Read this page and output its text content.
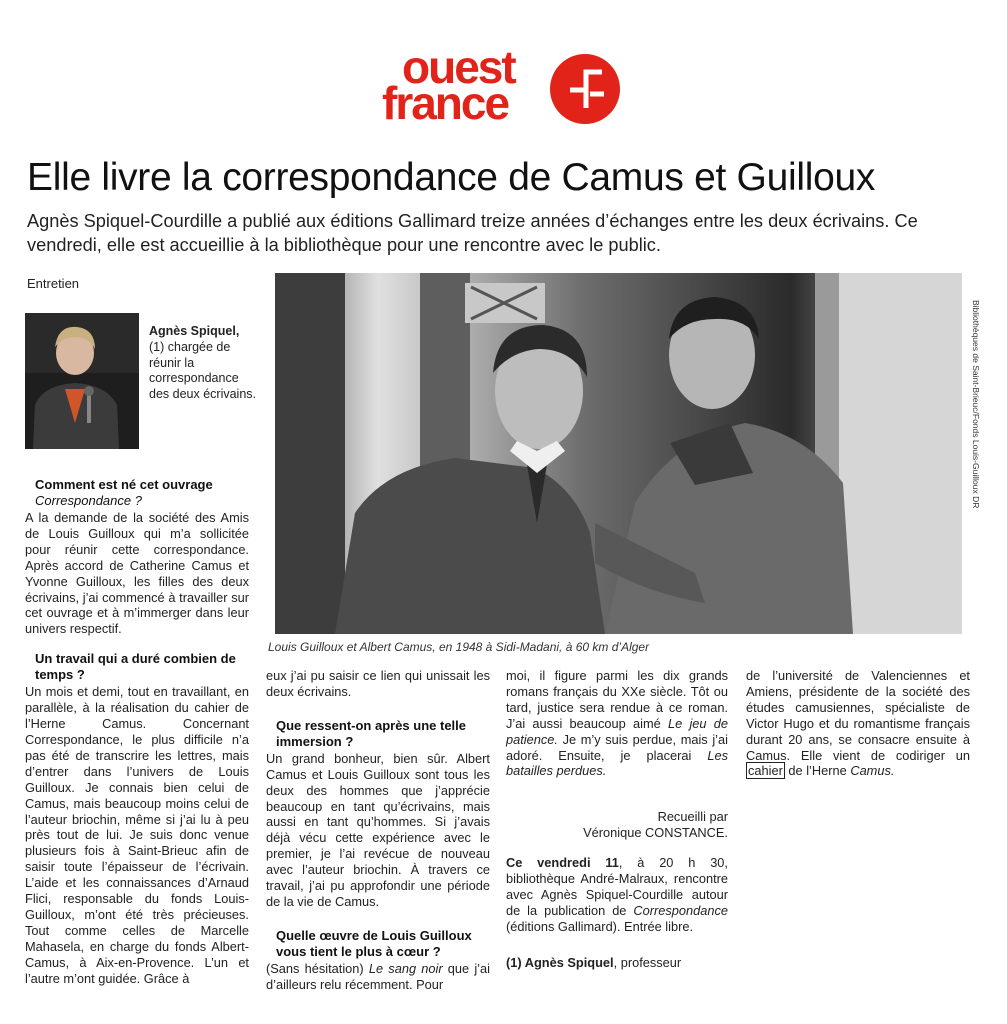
ouest
france
Elle livre la correspondance de Camus et Guilloux

Agnès Spiquel-Courdille a publié aux éditions Gallimard treize années d’échanges entre les deux écrivains. Ce vendredi, elle est accueillie à la bibliothèque pour une rencontre avec le public.

Entretien
Agnès Spiquel,
(1) chargée de réunir la correspondance des deux écrivains.	Bibliothèques de Saint-Brieuc/Fonds Louis-Guilloux DR
Louis Guilloux et Albert Camus, en 1948 à Sidi-Madani, à 60 km d’Alger
Comment est né cet ouvrage
Correspondance ?

A la demande de la société des Amis de Louis Guilloux qui m’a sollicitée pour réunir cette correspondance. Après accord de Catherine Camus et Yvonne Guilloux, les filles des deux écrivains, j’ai commencé à travailler sur cet ouvrage et à m’immerger dans leur univers respectif.

Un travail qui a duré combien de temps ?

Un mois et demi, tout en travaillant, en parallèle, à la réalisation du cahier de l’Herne Camus. Concernant Correspondance, le plus difficile n’a pas été de transcrire les lettres, mais d’entrer dans l’univers de Louis Guilloux. Je connais bien celui de Camus, mais beaucoup moins celui de l’auteur briochin, même si j’ai lu à peu près tout de lui. Je suis donc venue plusieurs fois à Saint-Brieuc afin de saisir toute l’épaisseur de l’écrivain. L’aide et les connaissances d’Arnaud Flici, responsable du fonds Louis-Guilloux, m’ont été très précieuses. Tout comme celles de Marcelle Mahasela, en charge du fonds Albert-Camus, à Aix-en-Provence. L’un et l’autre m’ont guidée. Grâce à

eux j’ai pu saisir ce lien qui unissait les deux écrivains.

Que ressent-on après une telle immersion ?

Un grand bonheur, bien sûr. Albert Camus et Louis Guilloux sont tous les deux des hommes que j’apprécie beaucoup en tant qu’écrivains, mais aussi en tant qu’hommes. Si j’avais déjà vécu cette expérience avec le premier, je l’ai revécue de nouveau avec l’auteur briochin. À travers ce travail, j’ai pu approfondir une période de la vie de Camus.

Quelle œuvre de Louis Guilloux vous tient le plus à cœur ?

(Sans hésitation) Le sang noir que j’ai d’ailleurs relu récemment. Pour

moi, il figure parmi les dix grands romans français du XXe siècle. Tôt ou tard, justice sera rendue à ce roman. J’ai aussi beaucoup aimé Le jeu de patience. Je m’y suis perdue, mais j’ai adoré. Ensuite, je placerai Les batailles perdues.

Recueilli par
Véronique CONSTANCE.

Ce vendredi 11, à 20 h 30, bibliothèque André-Malraux, rencontre avec Agnès Spiquel-Courdille autour de la publication de Correspondance (éditions Gallimard). Entrée libre.

(1) Agnès Spiquel, professeur

de l’université de Valenciennes et Amiens, présidente de la société des études camusiennes, spécialiste de Victor Hugo et du romantisme français durant 20 ans, se consacre ensuite à Camus. Elle vient de codiriger un cahier de l’Herne Camus.
